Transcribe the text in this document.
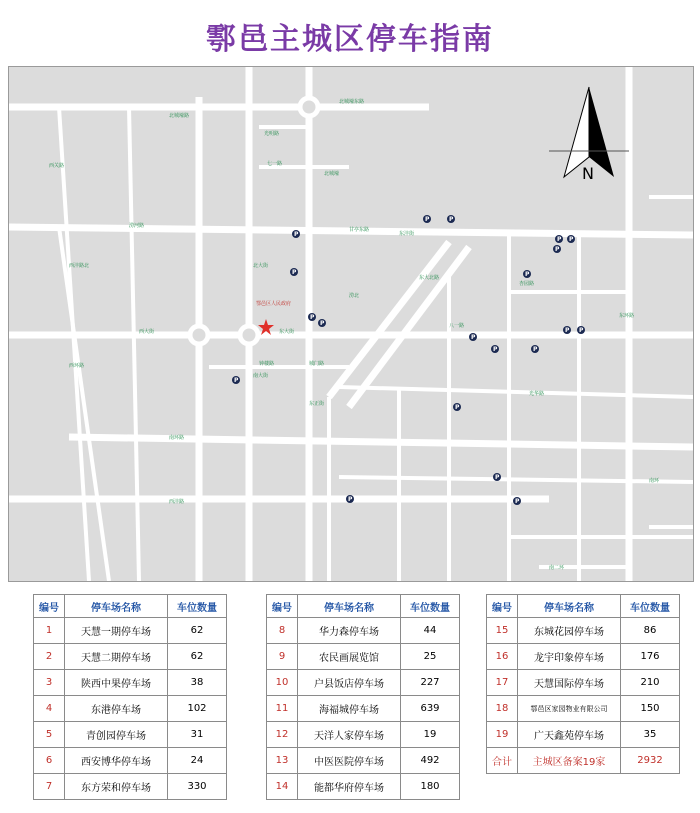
鄠邑主城区停车指南
N
鄠邑区人民政府
北城壕路
北城壕东路
光明路
七一路
北城壕
涝河路
北大街
西大街	东大街
南大街
钟楼路	城门路
东正街
甘亭东路
南环路
西环路
东环路
南二环
西沣路
光华路
东沣街
东大北路
八一路
杏园路
西沣路北
南环
涝北
西关路
P
P
P
P
P	P
P P
P
P
P P
P
P	P
P
P
P
P
P
编号	停车场名称	车位数量
1	天慧一期停车场	62
2	天慧二期停车场	62
3	陕西中果停车场	38
4	东港停车场	102
5	青创园停车场	31
6	西安博华停车场	24
7	东方荣和停车场	330
编号	停车场名称	车位数量
8	华力森停车场	44
9	农民画展览馆	25
10	户县饭店停车场	227
11	海福城停车场	639
12	天洋人家停车场	19
13	中医医院停车场	492
14	能都华府停车场	180
编号	停车场名称	车位数量
15	东城花园停车场	86
16	龙宇印象停车场	176
17	天慧国际停车场	210
18	鄠邑区家园物业有限公司	150
19	广天鑫苑停车场	35
合计	主城区备案19家	2932
